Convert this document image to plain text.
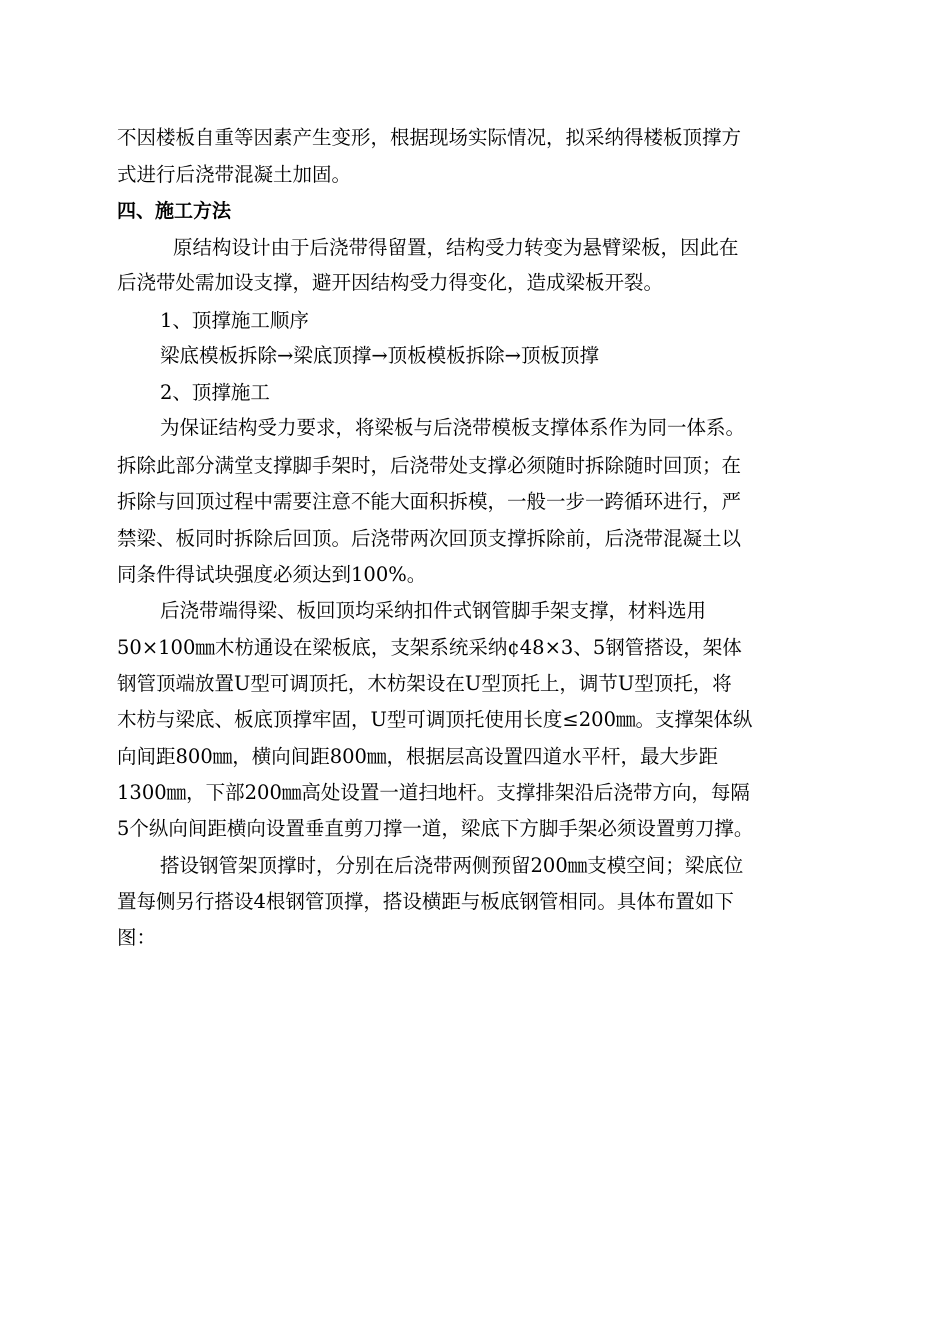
不因楼板自重等因素产生变形，根据现场实际情况，拟采纳得楼板顶撑方
式进行后浇带混凝土加固。
四、施工方法
原结构设计由于后浇带得留置，结构受力转变为悬臂梁板，因此在
后浇带处需加设支撑，避开因结构受力得变化，造成梁板开裂。
1、顶撑施工顺序
梁底模板拆除→梁底顶撑→顶板模板拆除→顶板顶撑
2、顶撑施工
为保证结构受力要求，将梁板与后浇带模板支撑体系作为同一体系。
拆除此部分满堂支撑脚手架时，后浇带处支撑必须随时拆除随时回顶；在
拆除与回顶过程中需要注意不能大面积拆模，一般一步一跨循环进行，严
禁梁、板同时拆除后回顶。后浇带两次回顶支撑拆除前，后浇带混凝土以
同条件得试块强度必须达到100%。
后浇带端得梁、板回顶均采纳扣件式钢管脚手架支撑，材料选用
50×100㎜木枋通设在梁板底，支架系统采纳¢48×3、5钢管搭设，架体
钢管顶端放置U型可调顶托，木枋架设在U型顶托上，调节U型顶托，将
木枋与梁底、板底顶撑牢固，U型可调顶托使用长度≤200㎜。支撑架体纵
向间距800㎜，横向间距800㎜，根据层高设置四道水平杆，最大步距
1300㎜，下部200㎜高处设置一道扫地杆。支撑排架沿后浇带方向，每隔
5个纵向间距横向设置垂直剪刀撑一道，梁底下方脚手架必须设置剪刀撑。
搭设钢管架顶撑时，分别在后浇带两侧预留200㎜支模空间；梁底位
置每侧另行搭设4根钢管顶撑，搭设横距与板底钢管相同。具体布置如下
图：
